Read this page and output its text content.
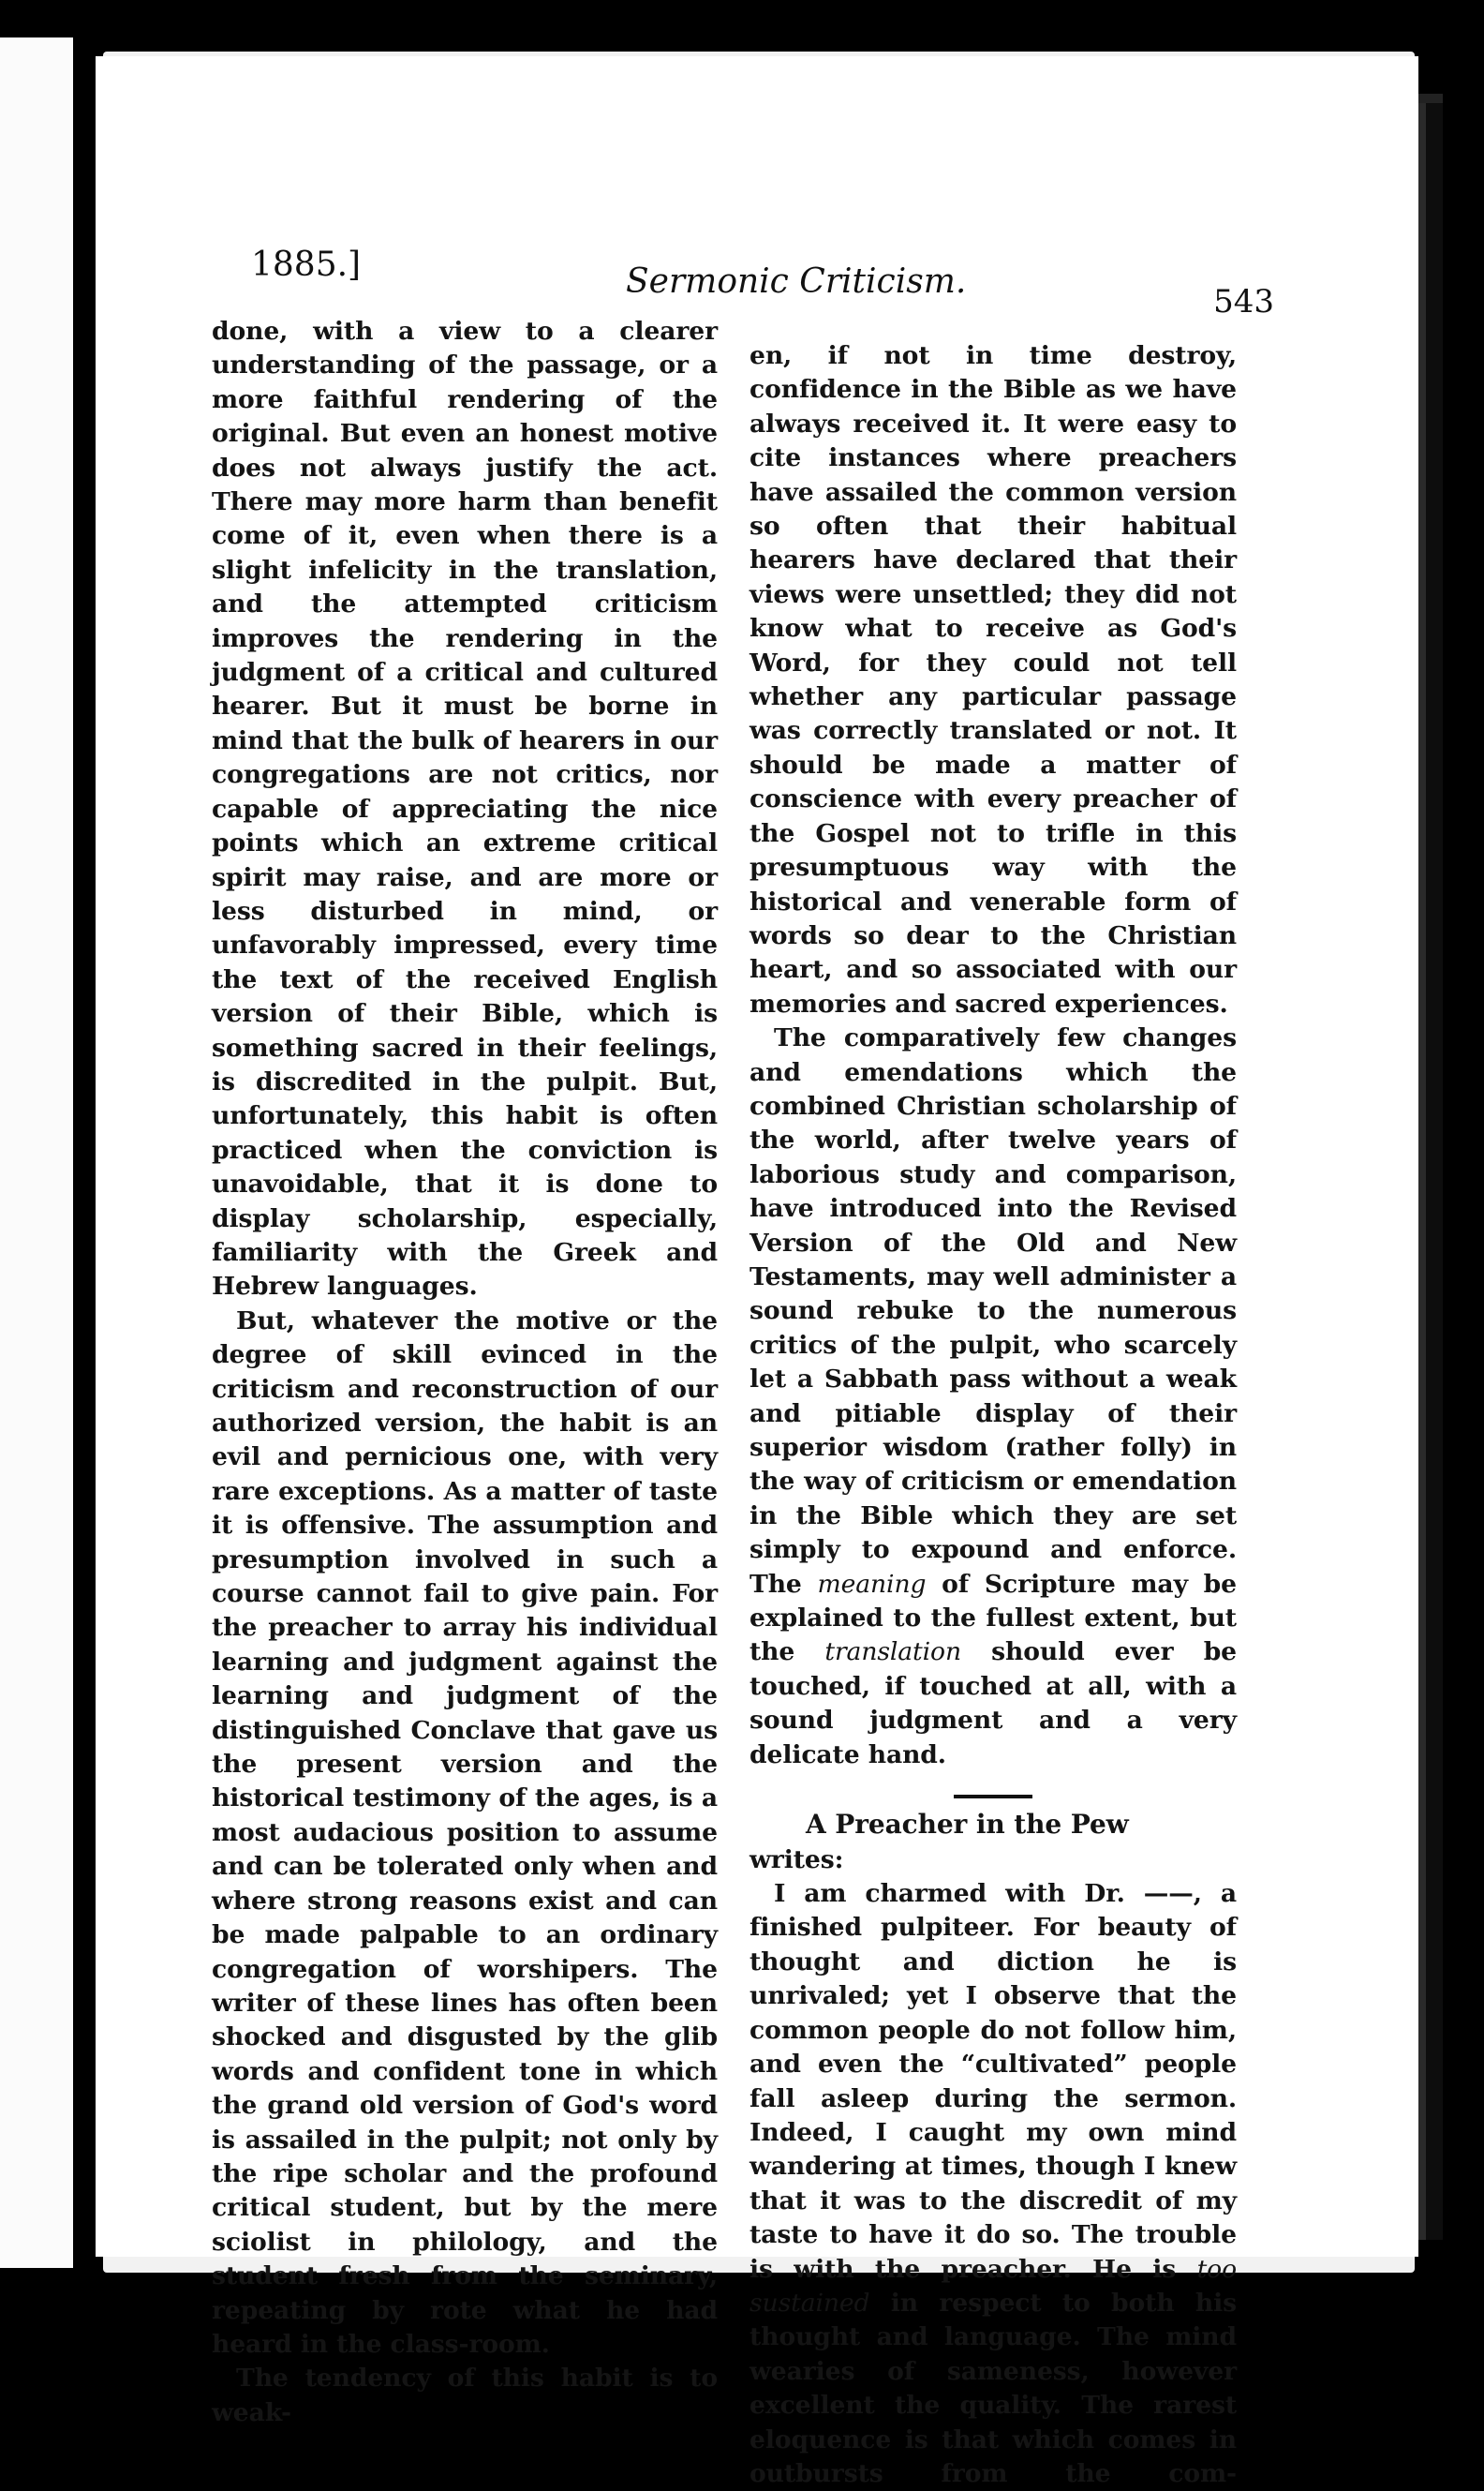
1885.]	Sermonic Criticism.
543

done, with a view to a clearer understanding of the passage, or a more faithful rendering of the original. But even an honest motive does not always justify the act. There may more harm than benefit come of it, even when there is a slight infelicity in the translation, and the attempted criticism improves the rendering in the judgment of a critical and cultured hearer. But it must be borne in mind that the bulk of hearers in our congregations are not critics, nor capable of appreciating the nice points which an extreme critical spirit may raise, and are more or less disturbed in mind, or unfavorably impressed, every time the text of the received English version of their Bible, which is something sacred in their feelings, is discredited in the pulpit. But, unfortunately, this habit is often practiced when the conviction is unavoidable, that it is done to display scholarship, especially, familiarity with the Greek and Hebrew languages.

But, whatever the motive or the degree of skill evinced in the criticism and reconstruction of our authorized version, the habit is an evil and pernicious one, with very rare exceptions. As a matter of taste it is offensive. The assumption and presumption involved in such a course cannot fail to give pain. For the preacher to array his individual learning and judgment against the learning and judgment of the distinguished Conclave that gave us the present version and the historical testimony of the ages, is a most audacious position to assume and can be tolerated only when and where strong reasons exist and can be made palpable to an ordinary congregation of worshipers. The writer of these lines has often been shocked and disgusted by the glib words and confident tone in which the grand old version of God's word is assailed in the pulpit; not only by the ripe scholar and the profound critical student, but by the mere sciolist in philology, and the student fresh from the seminary, repeating by rote what he had heard in the class-room.

The tendency of this habit is to weak-

en, if not in time destroy, confidence in the Bible as we have always received it. It were easy to cite instances where preachers have assailed the common version so often that their habitual hearers have declared that their views were unsettled; they did not know what to receive as God's Word, for they could not tell whether any particular passage was correctly translated or not. It should be made a matter of conscience with every preacher of the Gospel not to trifle in this presumptuous way with the historical and venerable form of words so dear to the Christian heart, and so associated with our memories and sacred experiences.

The comparatively few changes and emendations which the combined Christian scholarship of the world, after twelve years of laborious study and comparison, have introduced into the Revised Version of the Old and New Testaments, may well administer a sound rebuke to the numerous critics of the pulpit, who scarcely let a Sabbath pass without a weak and pitiable display of their superior wisdom (rather folly) in the way of criticism or emendation in the Bible which they are set simply to expound and enforce. The meaning of Scripture may be explained to the fullest extent, but the translation should ever be touched, if touched at all, with a sound judgment and a very delicate hand.

A Preacher in the Pew

writes:

I am charmed with Dr. ——, a finished pulpiteer. For beauty of thought and diction he is unrivaled; yet I observe that the common people do not follow him, and even the “cultivated” people fall asleep during the sermon. Indeed, I caught my own mind wandering at times, though I knew that it was to the discredit of my taste to have it do so. The trouble is with the preacher. He is too sustained in respect to both his thought and language. The mind wearies of sameness, however excellent the quality. The rarest eloquence is that which comes in outbursts from the com-
